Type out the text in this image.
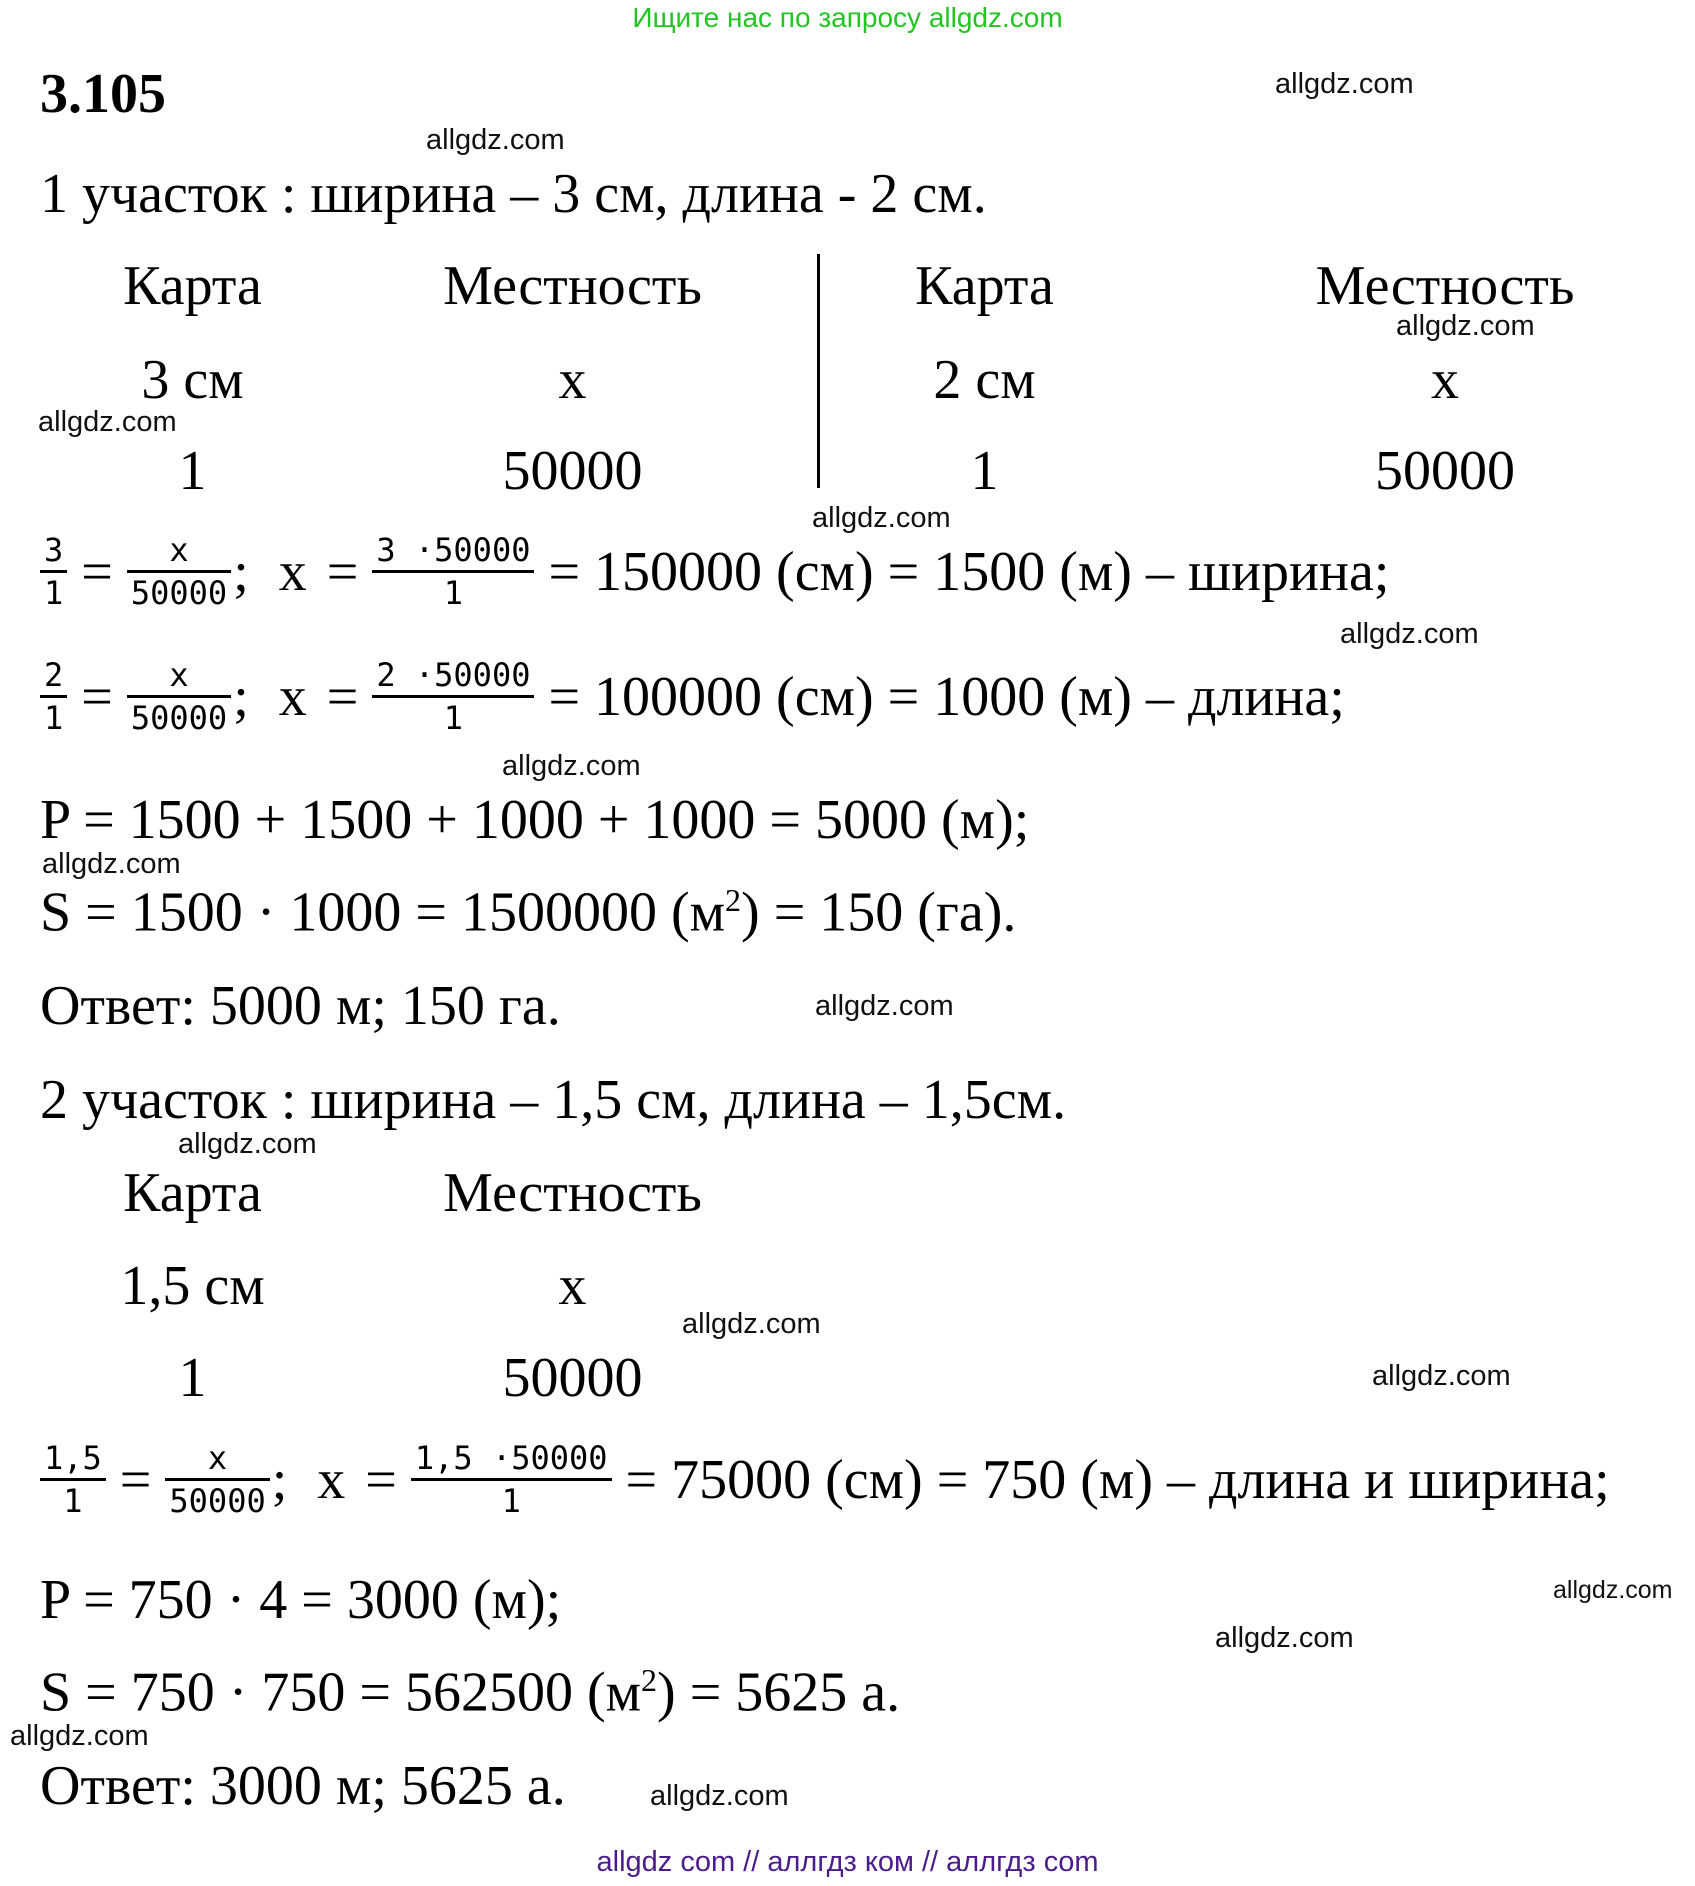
Ищите нас по запросу allgdz.com
3.105
1 участок : ширина – 3 см, длина - 2 см.
Карта	Местность
3 см	x
1	50000
Карта	Местность
2 см	x
1	50000
$\frac{3}{1} = \frac{x}{50000}$ ; $x = \frac{3 \cdot 50000}{1} = 150000$ (см) = 1500 (м) – ширина;
$\frac{2}{1} = \frac{x}{50000}$ ; $x = \frac{2 \cdot 50000}{1} = 100000$ (см) = 1000 (м) – длина;
P = 1500 + 1500 + 1000 + 1000 = 5000 (м);
S = 1500 · 1000 = 1500000 $(м^2) = 150$ (га).
Ответ: 5000 м; 150 га.
2 участок : ширина – 1,5 см, длина – 1,5см.
Карта	Местность
1,5 см	x
1	50000
$\frac{1,5}{1} = \frac{x}{50000}$ ; $x = \frac{1,5 \cdot 50000}{1} = 75000$ (см) = 750 (м) – длина и ширина;
P = 750 · 4 = 3000 (м);
S = 750 · 750 = 562500 $(м^2) = 5625$ а.
Ответ: 3000 м; 5625 а.
allgdz.com
allgdz.com
allgdz.com
allgdz.com
allgdz.com
allgdz.com
allgdz.com
allgdz.com
allgdz.com
allgdz.com
allgdz.com
allgdz.com
allgdz.com
allgdz.com
allgdz.com
allgdz.com
allgdz com // аллгдз ком // аллгдз com
